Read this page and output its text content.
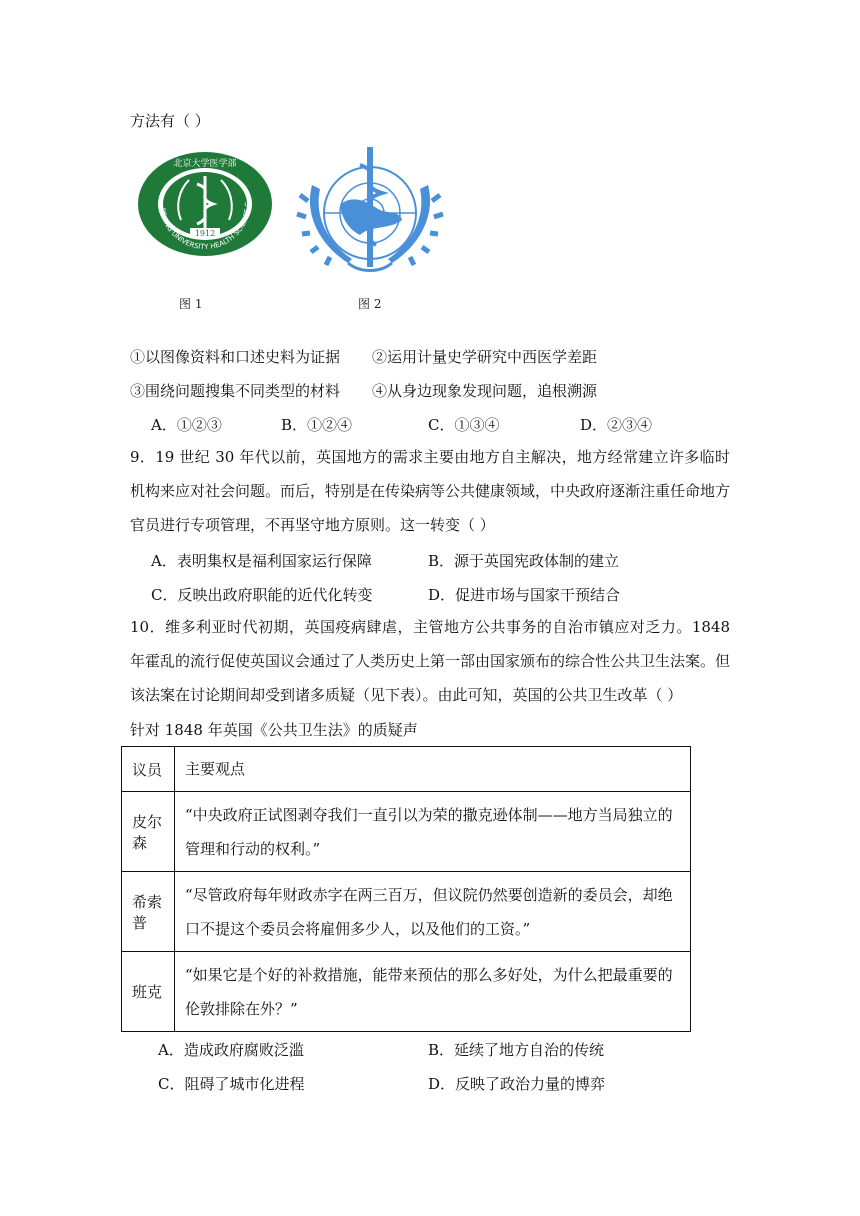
方法有（ ）
PEKING UNIVERSITY HEALTH SCIENCE C
北京大学医学部
1912
图 1	图 2
①以图像资料和口述史料为证据 ②运用计量史学研究中西医学差距
③围绕问题搜集不同类型的材料 ④从身边现象发现问题，追根溯源
A．①②③	B．①②④	C．①③④	D．②③④
9．19 世纪 30 年代以前，英国地方的需求主要由地方自主解决，地方经常建立许多临时机构来应对社会问题。而后，特别是在传染病等公共健康领域，中央政府逐渐注重任命地方官员进行专项管理，不再坚守地方原则。这一转变（ ）
A．表明集权是福利国家运行保障	B．源于英国宪政体制的建立
C．反映出政府职能的近代化转变	D．促进市场与国家干预结合
10．维多利亚时代初期，英国疫病肆虐，主管地方公共事务的自治市镇应对乏力。1848 年霍乱的流行促使英国议会通过了人类历史上第一部由国家颁布的综合性公共卫生法案。但该法案在讨论期间却受到诸多质疑（见下表）。由此可知，英国的公共卫生改革（ ）
针对 1848 年英国《公共卫生法》的质疑声
议员	主要观点
皮尔森	“中央政府正试图剥夺我们一直引以为荣的撒克逊体制——地方当局独立的管理和行动的权利。”
希索普	“尽管政府每年财政赤字在两三百万，但议院仍然要创造新的委员会，却绝口不提这个委员会将雇佣多少人，以及他们的工资。”
班克	“如果它是个好的补救措施，能带来预估的那么多好处，为什么把最重要的伦敦排除在外？”
A．造成政府腐败泛滥	B．延续了地方自治的传统
C．阻碍了城市化进程	D．反映了政治力量的博弈
